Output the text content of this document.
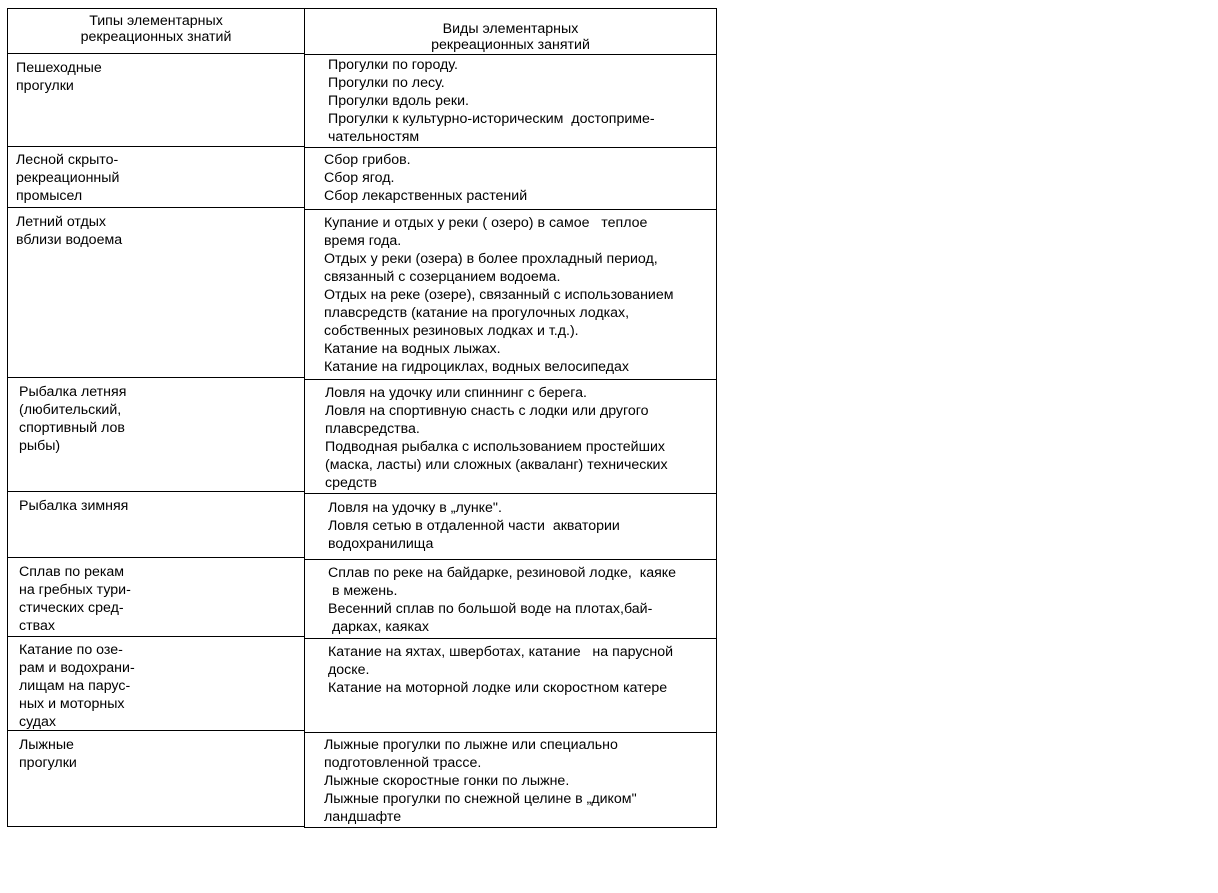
Типы элементарных
рекреационных знатий	Виды элементарных
рекреационных занятий
Пешеходные
прогулки
Прогулки по городу.
Прогулки по лесу.
Прогулки вдоль реки.
Прогулки к культурно-историческим  достоприме-
чательностям
Лесной скрыто-
рекреационный
промысел
Сбор грибов.
Сбор ягод.
Сбор лекарственных растений
Летний отдых
вблизи водоема
Купание и отдых у реки ( озеро) в самое   теплое
время года.
Отдых у реки (озера) в более прохладный период,
связанный с созерцанием водоема.
Отдых на реке (озере), связанный с использованием
плавсредств (катание на прогулочных лодках,
собственных резиновых лодках и т.д.).
Катание на водных лыжах.
Катание на гидроциклах, водных велосипедах
Рыбалка летняя
(любительский,
спортивный лов
рыбы)
Ловля на удочку или спиннинг с берега.
Ловля на спортивную снасть с лодки или другого
плавсредства.
Подводная рыбалка с использованием простейших
(маска, ласты) или сложных (акваланг) технических
средств
Рыбалка зимняя	Ловля на удочку в „лунке".
Ловля сетью в отдаленной части  акватории
водохранилища
Сплав по рекам
на гребных тури-
стических сред-
ствах
Сплав по реке на байдарке, резиновой лодке,  каяке
в межень.
Весенний сплав по большой воде на плотах,бай-
дарках, каяках
Катание по озе-
рам и водохрани-
лищам на парус-
ных и моторных
судах
Катание на яхтах, шверботах, катание   на парусной
доске.
Катание на моторной лодке или скоростном катере
Лыжные
прогулки
Лыжные прогулки по лыжне или специально
подготовленной трассе.
Лыжные скоростные гонки по лыжне.
Лыжные прогулки по снежной целине в „диком"
ландшафте
